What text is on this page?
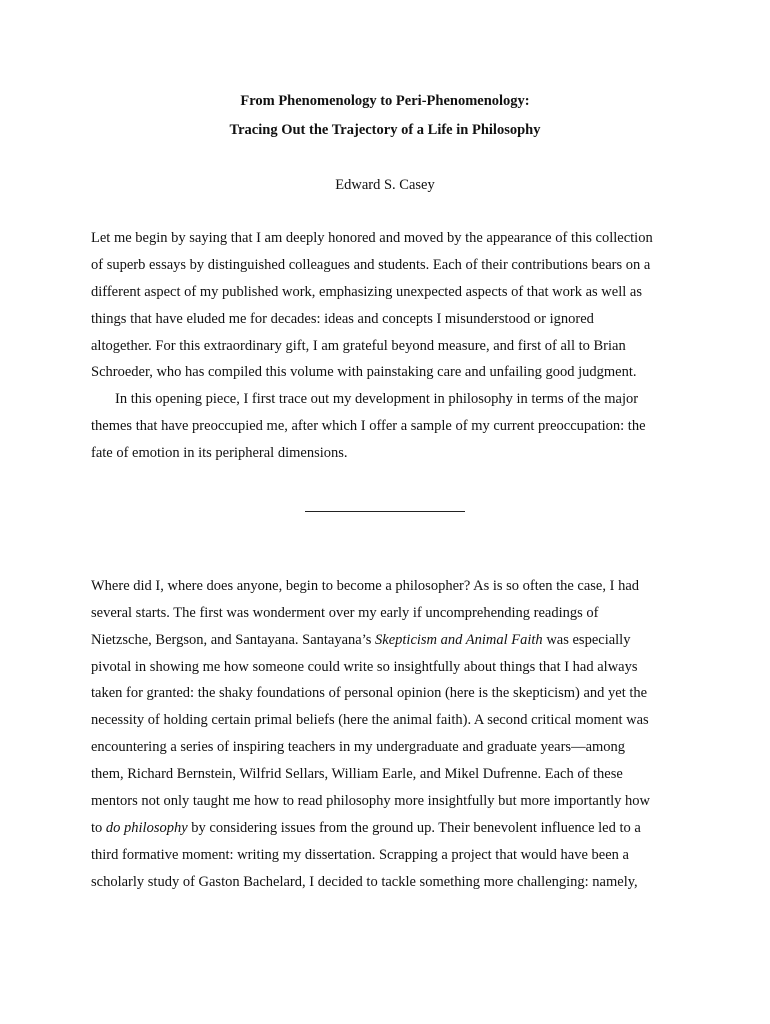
From Phenomenology to Peri-Phenomenology:
Tracing Out the Trajectory of a Life in Philosophy
Edward S. Casey
Let me begin by saying that I am deeply honored and moved by the appearance of this collection
of superb essays by distinguished colleagues and students. Each of their contributions bears on a
different aspect of my published work, emphasizing unexpected aspects of that work as well as
things that have eluded me for decades: ideas and concepts I misunderstood or ignored
altogether. For this extraordinary gift, I am grateful beyond measure, and first of all to Brian
Schroeder, who has compiled this volume with painstaking care and unfailing good judgment.
In this opening piece, I first trace out my development in philosophy in terms of the major
themes that have preoccupied me, after which I offer a sample of my current preoccupation: the
fate of emotion in its peripheral dimensions.
Where did I, where does anyone, begin to become a philosopher? As is so often the case, I had
several starts. The first was wonderment over my early if uncomprehending readings of
Nietzsche, Bergson, and Santayana. Santayana’s Skepticism and Animal Faith was especially
pivotal in showing me how someone could write so insightfully about things that I had always
taken for granted: the shaky foundations of personal opinion (here is the skepticism) and yet the
necessity of holding certain primal beliefs (here the animal faith). A second critical moment was
encountering a series of inspiring teachers in my undergraduate and graduate years—among
them, Richard Bernstein, Wilfrid Sellars, William Earle, and Mikel Dufrenne. Each of these
mentors not only taught me how to read philosophy more insightfully but more importantly how
to do philosophy by considering issues from the ground up. Their benevolent influence led to a
third formative moment: writing my dissertation. Scrapping a project that would have been a
scholarly study of Gaston Bachelard, I decided to tackle something more challenging: namely,
